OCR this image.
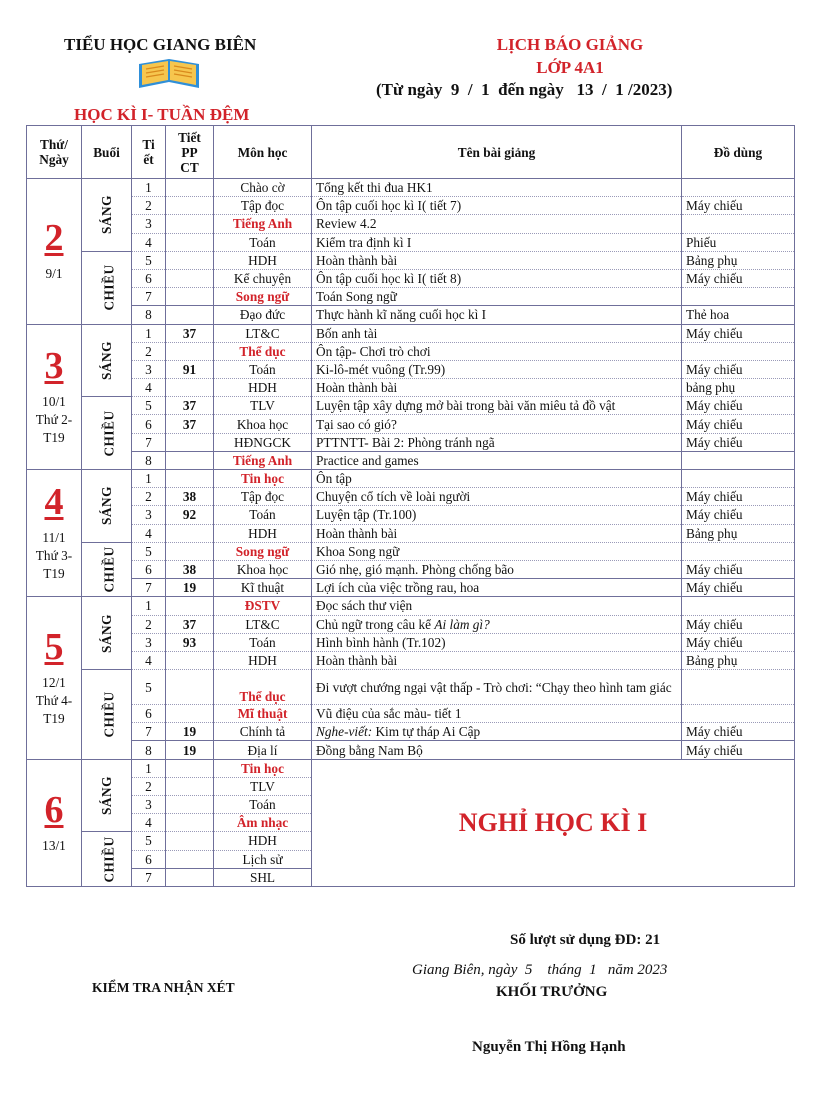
TIỂU HỌC GIANG BIÊN
HỌC KÌ I- TUẦN ĐỆM
LỊCH BÁO GIẢNG
LỚP 4A1
(Từ ngày  9  /  1  đến ngày   13  /  1 /2023)
Thứ/
Ngày	Buổi	Ti
ết	Tiết
PP
CT	Môn học	Tên bài giảng	Đồ dùng

2
9/1	SÁNG	1		Chào cờ	Tổng kết thi đua HK1	
		2		Tập đọc	Ôn tập cuối học kì I( tiết 7)	Máy chiếu
		3		Tiếng Anh	Review 4.2	
		4		Toán	Kiểm tra định kì I	Phiếu
	CHIỀU	5		HDH	Hoàn thành bài	Bảng phụ
		6		Kể chuyện	Ôn tập cuối học kì I( tiết 8)	Máy chiếu
		7		Song ngữ	Toán Song ngữ	
		8		Đạo đức	Thực hành kĩ năng cuối học kì I	Thẻ hoa

3
10/1
Thứ 2-
T19	SÁNG	1	37	LT&C	Bốn anh tài	Máy chiếu
		2		Thể dục	Ôn tập- Chơi trò chơi	
		3	91	Toán	Ki-lô-mét vuông (Tr.99)	Máy chiếu
		4		HDH	Hoàn thành bài	bảng phụ
	CHIỀU	5	37	TLV	Luyện tập xây dựng mở bài trong bài văn miêu tả đồ vật	Máy chiếu
		6	37	Khoa học	Tại sao có gió?	Máy chiếu
		7		HĐNGCK	PTTNTT- Bài 2: Phòng tránh ngã	Máy chiếu
		8		Tiếng Anh	Practice and games	

4
11/1
Thứ 3-
T19	SÁNG	1		Tin học	Ôn tập	
		2	38	Tập đọc	Chuyện cổ tích về loài người	Máy chiếu
		3	92	Toán	Luyện tập (Tr.100)	Máy chiếu
		4		HDH	Hoàn thành bài	Bảng phụ
	CHIỀU	5		Song ngữ	Khoa Song ngữ	
		6	38	Khoa học	Gió nhẹ, gió mạnh. Phòng chống bão	Máy chiếu
		7	19	Kĩ thuật	Lợi ích của việc trồng rau, hoa	Máy chiếu

5
12/1
Thứ 4-
T19	SÁNG	1		ĐSTV	Đọc sách thư viện	
		2	37	LT&C	Chủ ngữ trong câu kể Ai làm gì?	Máy chiếu
		3	93	Toán	Hình bình hành (Tr.102)	Máy chiếu
		4		HDH	Hoàn thành bài	Bảng phụ
	CHIỀU	5		Thể dục	Đi vượt chướng ngại vật thấp - Trò chơi: “Chạy theo hình tam giác	
		6		Mĩ thuật	Vũ điệu của sắc màu- tiết 1	
		7	19	Chính tả	Nghe-viết: Kim tự tháp Ai Cập	Máy chiếu
		8	19	Địa lí	Đồng bằng Nam Bộ	Máy chiếu

6
13/1	SÁNG	1		Tin học	NGHỈ HỌC KÌ I	
		2		TLV		
		3		Toán		
		4		Âm nhạc		
	CHIỀU	5		HDH		
		6		Lịch sử		
		7		SHL		
Số lượt sử dụng ĐD: 21
KIỂM TRA NHẬN XÉT
Giang Biên, ngày  5    tháng  1   năm 2023
KHỐI TRƯỞNG
Nguyễn Thị Hồng Hạnh
